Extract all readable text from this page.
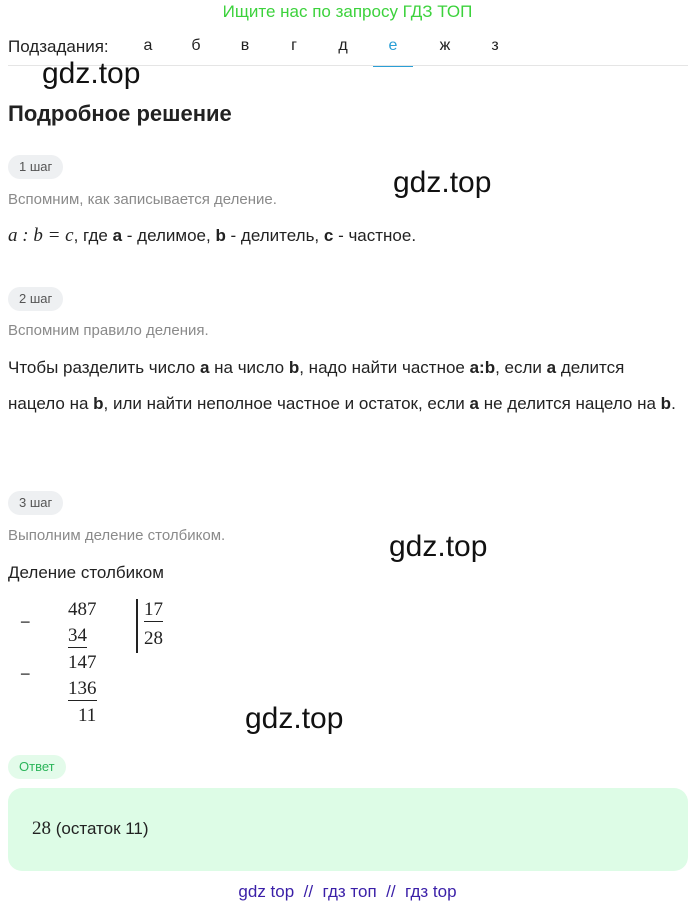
Ищите нас по запросу ГДЗ ТОП
Подзадания:	а	б	в	г	д	е	ж	з
gdz.top
gdz.top
gdz.top
gdz.top
Подробное решение
1 шаг
Вспомним, как записывается деление.
a : b = c, где a - делимое, b - делитель, c - частное.
2 шаг
Вспомним правило деления.
Чтобы разделить число a на число b, надо найти частное a:b, если a делится нацело на b, или найти неполное частное и остаток, если a не делится нацело на b.
3 шаг
Выполним деление столбиком.
Деление столбиком
−
−
487
34
147
136
11
17
28
Ответ
28 (остаток 11)
gdz top // гдз топ // гдз top
